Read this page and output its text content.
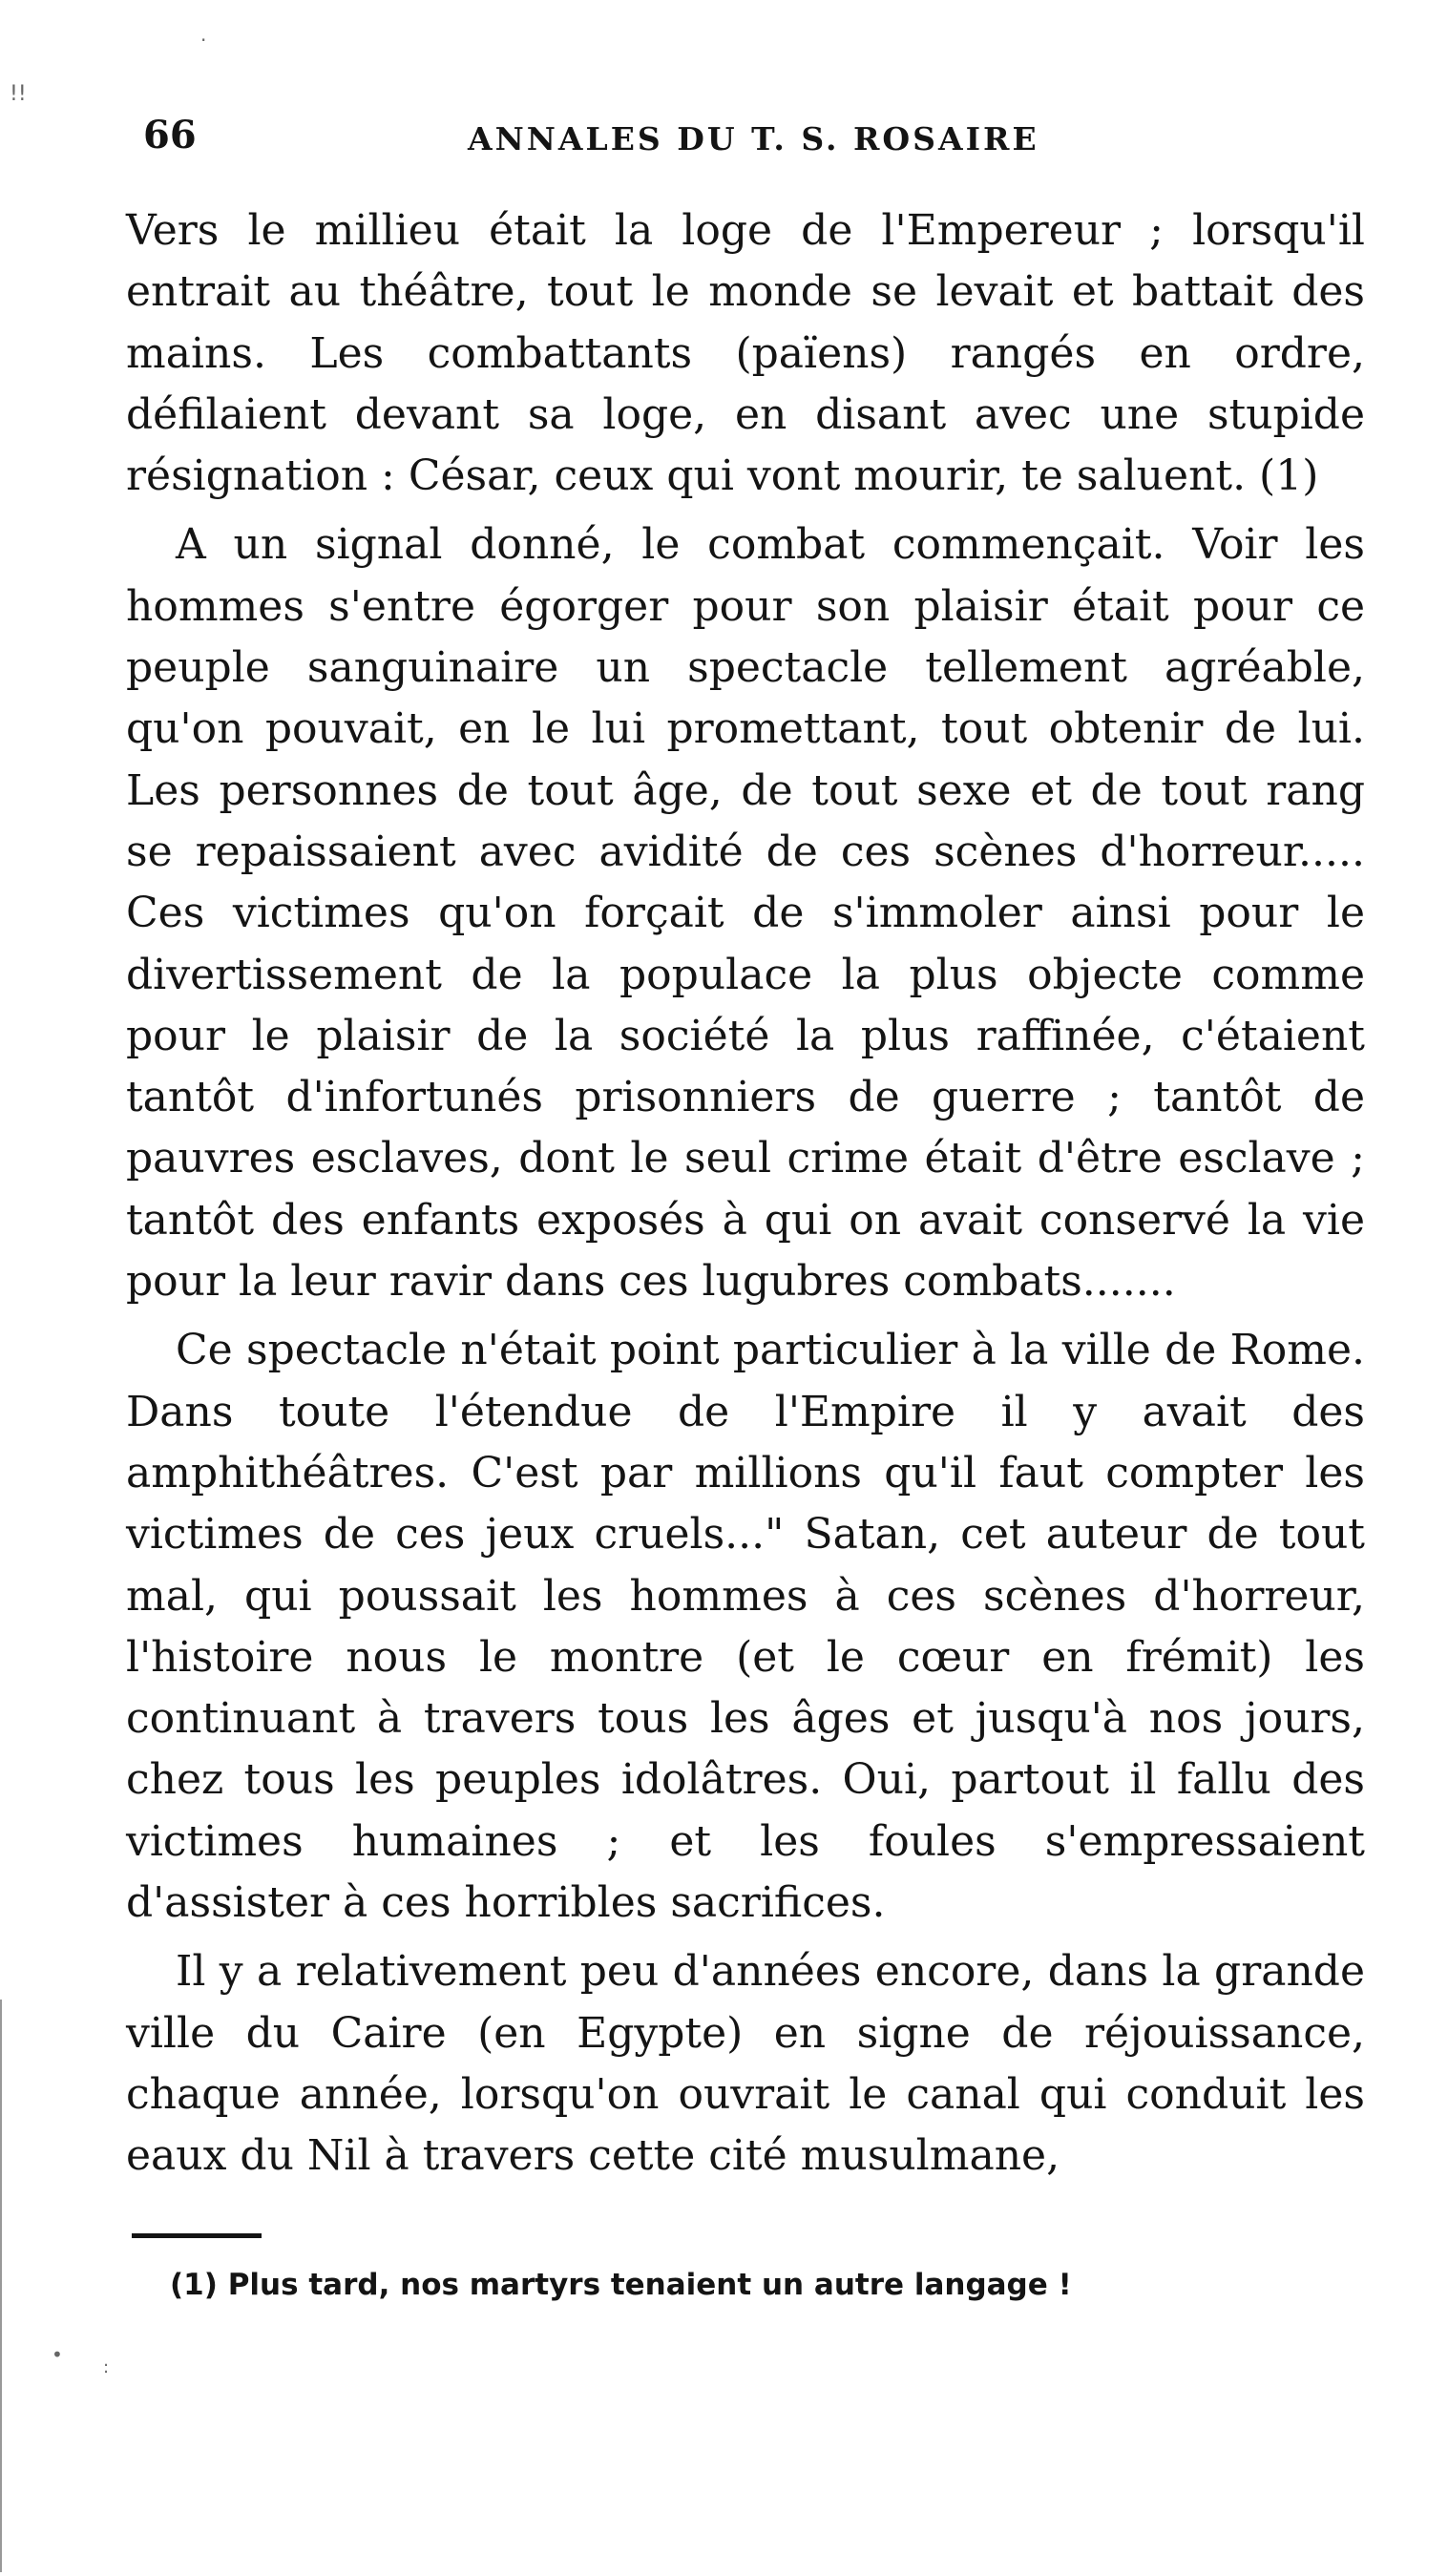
!!
·
•
:
66	ANNALES DU T. S. ROSAIRE

Vers le millieu était la loge de l'Empereur ; lorsqu'il entrait au théâtre, tout le monde se levait et battait des mains. Les combattants (païens) rangés en ordre, défilaient devant sa loge, en disant avec une stupide résignation : César, ceux qui vont mourir, te saluent. (1)

A un signal donné, le combat commençait. Voir les hommes s'entre égorger pour son plaisir était pour ce peuple sanguinaire un spectacle tellement agréable, qu'on pouvait, en le lui promettant, tout obtenir de lui. Les personnes de tout âge, de tout sexe et de tout rang se repaissaient avec avidité de ces scènes d'horreur..... Ces victimes qu'on forçait de s'immoler ainsi pour le divertissement de la populace la plus objecte comme pour le plaisir de la société la plus raffinée, c'étaient tantôt d'infortunés prisonniers de guerre ; tantôt de pauvres esclaves, dont le seul crime était d'être esclave ; tantôt des enfants exposés à qui on avait conservé la vie pour la leur ravir dans ces lugubres combats.......

Ce spectacle n'était point particulier à la ville de Rome. Dans toute l'étendue de l'Empire il y avait des amphithéâtres. C'est par millions qu'il faut compter les victimes de ces jeux cruels..." Satan, cet auteur de tout mal, qui poussait les hommes à ces scènes d'horreur, l'histoire nous le montre (et le cœur en frémit) les continuant à travers tous les âges et jusqu'à nos jours, chez tous les peuples idolâtres. Oui, partout il fallu des victimes humaines ; et les foules s'empressaient d'assister à ces horribles sacrifices.

Il y a relativement peu d'années encore, dans la grande ville du Caire (en Egypte) en signe de réjouissance, chaque année, lorsqu'on ouvrait le canal qui conduit les eaux du Nil à travers cette cité musulmane,

(1) Plus tard, nos martyrs tenaient un autre langage !
